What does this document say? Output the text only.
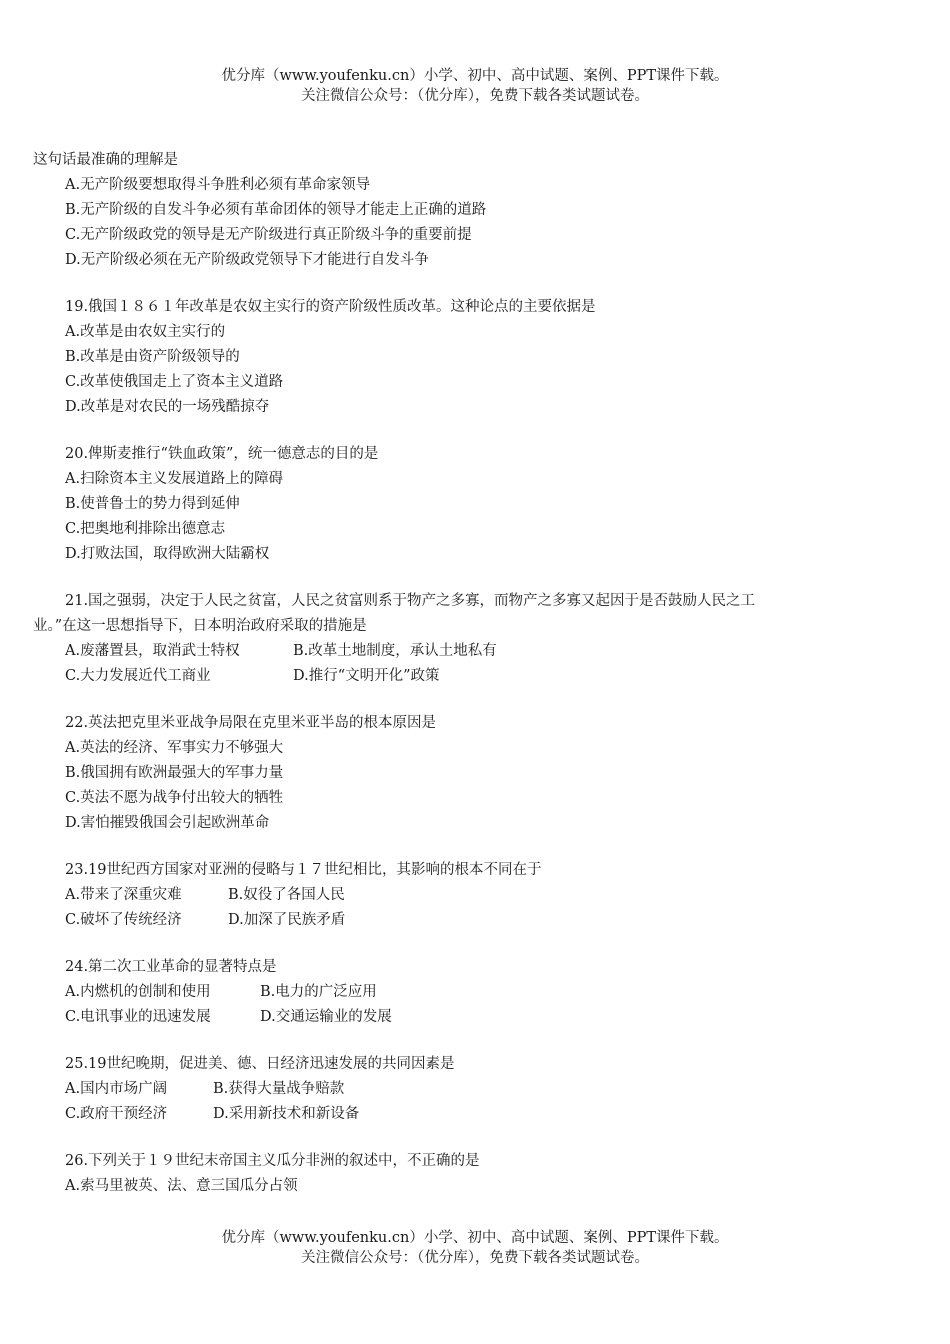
优分库（www.youfenku.cn）小学、初中、高中试题、案例、PPT课件下载。
关注微信公众号：（优分库），免费下载各类试题试卷。
这句话最准确的理解是
A.无产阶级要想取得斗争胜利必须有革命家领导
B.无产阶级的自发斗争必须有革命团体的领导才能走上正确的道路
C.无产阶级政党的领导是无产阶级进行真正阶级斗争的重要前提
D.无产阶级必须在无产阶级政党领导下才能进行自发斗争
19.俄国１８６１年改革是农奴主实行的资产阶级性质改革。这种论点的主要依据是
A.改革是由农奴主实行的
B.改革是由资产阶级领导的
C.改革使俄国走上了资本主义道路
D.改革是对农民的一场残酷掠夺
20.俾斯麦推行“铁血政策”，统一德意志的目的是
A.扫除资本主义发展道路上的障碍
B.使普鲁士的势力得到延伸
C.把奥地利排除出德意志
D.打败法国，取得欧洲大陆霸权
21.国之强弱，决定于人民之贫富，人民之贫富则系于物产之多寡，而物产之多寡又起因于是否鼓励人民之工
业。”在这一思想指导下，日本明治政府采取的措施是
A.废藩置县，取消武士特权	B.改革土地制度，承认土地私有
C.大力发展近代工商业	D.推行“文明开化”政策
22.英法把克里米亚战争局限在克里米亚半岛的根本原因是
A.英法的经济、军事实力不够强大
B.俄国拥有欧洲最强大的军事力量
C.英法不愿为战争付出较大的牺牲
D.害怕摧毁俄国会引起欧洲革命
23.19世纪西方国家对亚洲的侵略与１７世纪相比，其影响的根本不同在于
A.带来了深重灾难	B.奴役了各国人民
C.破坏了传统经济	D.加深了民族矛盾
24.第二次工业革命的显著特点是
A.内燃机的创制和使用	B.电力的广泛应用
C.电讯事业的迅速发展	D.交通运输业的发展
25.19世纪晚期，促进美、德、日经济迅速发展的共同因素是
A.国内市场广阔	B.获得大量战争赔款
C.政府干预经济	D.采用新技术和新设备
26.下列关于１９世纪末帝国主义瓜分非洲的叙述中，不正确的是
A.索马里被英、法、意三国瓜分占领
优分库（www.youfenku.cn）小学、初中、高中试题、案例、PPT课件下载。
关注微信公众号：（优分库），免费下载各类试题试卷。
